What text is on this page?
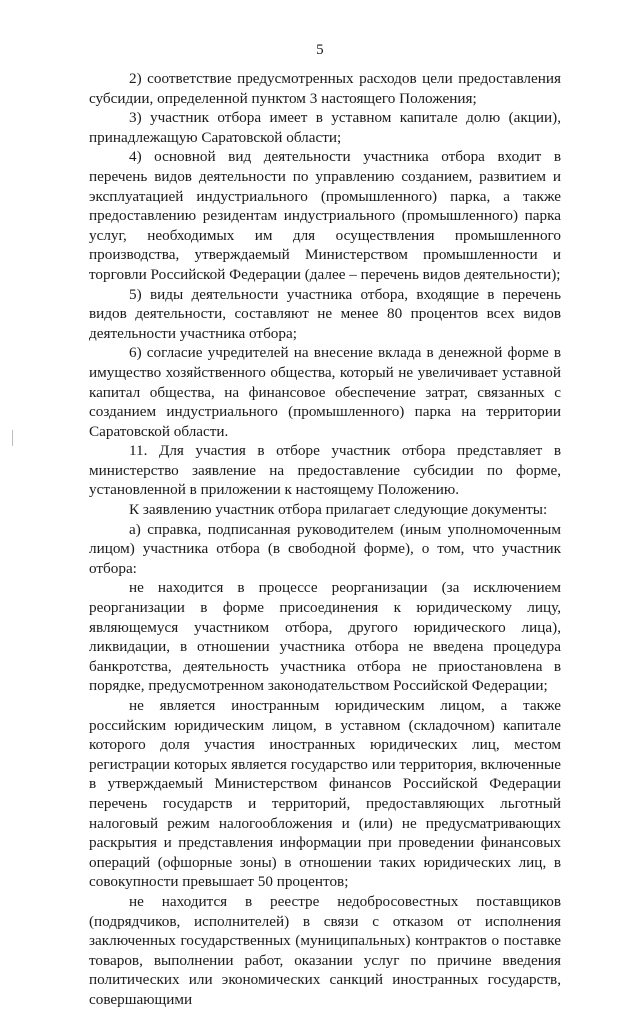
5

2) соответствие предусмотренных расходов цели предоставления субсидии, определенной пунктом 3 настоящего Положения;

3) участник отбора имеет в уставном капитале долю (акции), принадлежащую Саратовской области;

4) основной вид деятельности участника отбора входит в перечень видов деятельности по управлению созданием, развитием и эксплуатацией индустриального (промышленного) парка, а также предоставлению резидентам индустриального (промышленного) парка услуг, необходимых им для осуществления промышленного производства, утверждаемый Министерством промышленности и торговли Российской Федерации (далее – перечень видов деятельности);

5) виды деятельности участника отбора, входящие в перечень видов деятельности, составляют не менее 80 процентов всех видов деятельности участника отбора;

6) согласие учредителей на внесение вклада в денежной форме в имущество хозяйственного общества, который не увеличивает уставной капитал общества, на финансовое обеспечение затрат, связанных с созданием индустриального (промышленного) парка на территории Саратовской области.

11. Для участия в отборе участник отбора представляет в министерство заявление на предоставление субсидии по форме, установленной в приложении к настоящему Положению.

К заявлению участник отбора прилагает следующие документы:

а) справка, подписанная руководителем (иным уполномоченным лицом) участника отбора (в свободной форме), о том, что участник отбора:

не находится в процессе реорганизации (за исключением реорганизации в форме присоединения к юридическому лицу, являющемуся участником отбора, другого юридического лица), ликвидации, в отношении участника отбора не введена процедура банкротства, деятельность участника отбора не приостановлена в порядке, предусмотренном законодательством Российской Федерации;

не является иностранным юридическим лицом, а также российским юридическим лицом, в уставном (складочном) капитале которого доля участия иностранных юридических лиц, местом регистрации которых является государство или территория, включенные в утверждаемый Министерством финансов Российской Федерации перечень государств и территорий, предоставляющих льготный налоговый режим налогообложения и (или) не предусматривающих раскрытия и представления информации при проведении финансовых операций (офшорные зоны) в отношении таких юридических лиц, в совокупности превышает 50 процентов;

не находится в реестре недобросовестных поставщиков (подрядчиков, исполнителей) в связи с отказом от исполнения заключенных государственных (муниципальных) контрактов о поставке товаров, выполнении работ, оказании услуг по причине введения политических или экономических санкций иностранных государств, совершающими
